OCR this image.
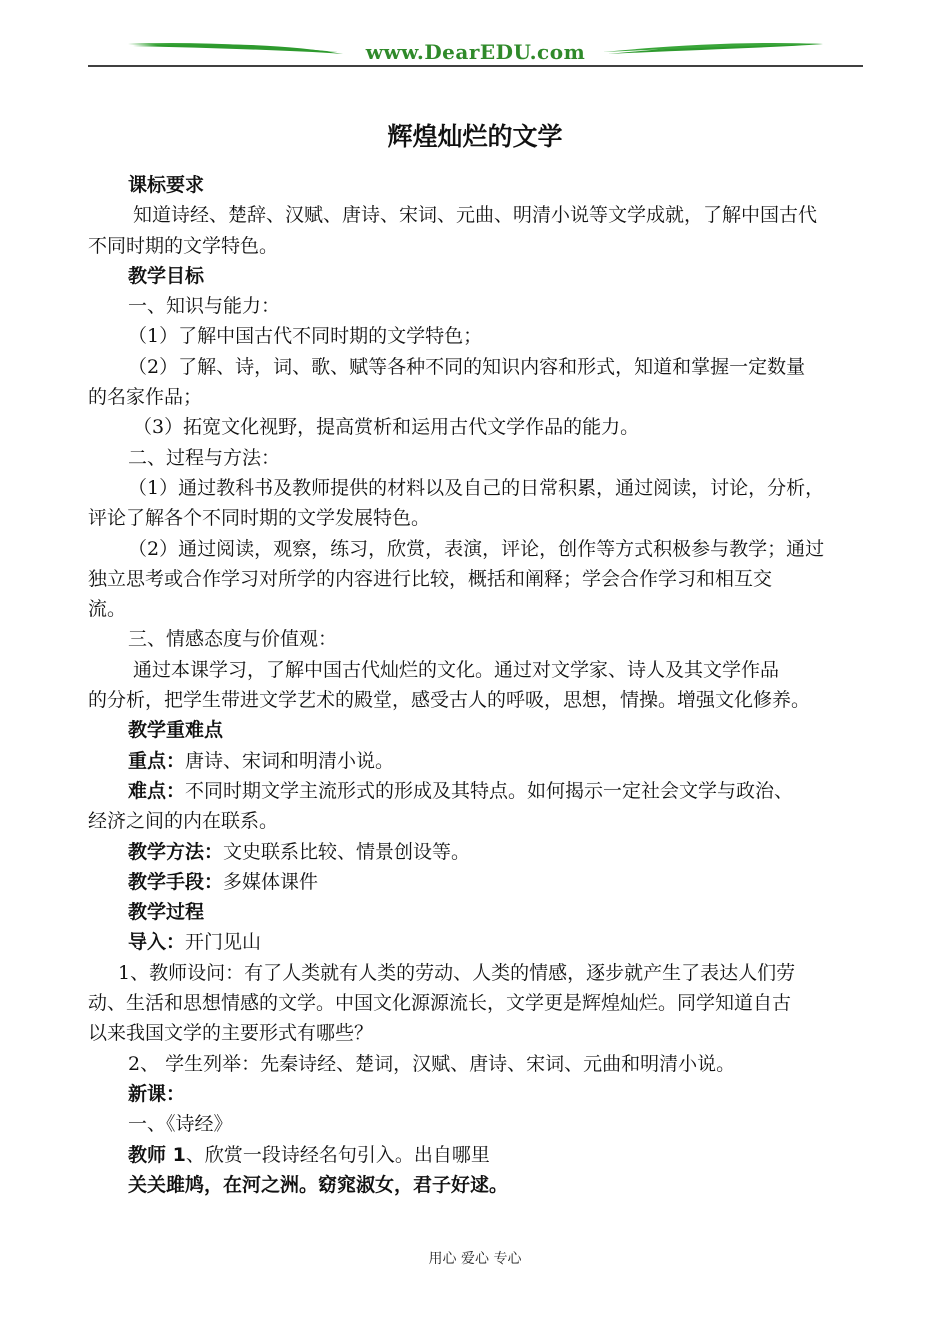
www.DearEDU.com
辉煌灿烂的文学
课标要求
知道诗经、楚辞、汉赋、唐诗、宋词、元曲、明清小说等文学成就，了解中国古代
不同时期的文学特色。
教学目标
一、知识与能力：
（1）了解中国古代不同时期的文学特色；
（2）了解、诗，词、歌、赋等各种不同的知识内容和形式，知道和掌握一定数量
的名家作品；
（3）拓宽文化视野，提高赏析和运用古代文学作品的能力。
二、过程与方法：
（1）通过教科书及教师提供的材料以及自己的日常积累，通过阅读，讨论，分析，
评论了解各个不同时期的文学发展特色。
（2）通过阅读，观察，练习，欣赏，表演，评论，创作等方式积极参与教学；通过
独立思考或合作学习对所学的内容进行比较，概括和阐释；学会合作学习和相互交
流。
三、情感态度与价值观：
通过本课学习，了解中国古代灿烂的文化。通过对文学家、诗人及其文学作品
的分析，把学生带进文学艺术的殿堂，感受古人的呼吸，思想，情操。增强文化修养。
教学重难点
重点：唐诗、宋词和明清小说。
难点：不同时期文学主流形式的形成及其特点。如何揭示一定社会文学与政治、
经济之间的内在联系。
教学方法：文史联系比较、情景创设等。
教学手段：多媒体课件
教学过程
导入：开门见山
1、教师设问：有了人类就有人类的劳动、人类的情感，逐步就产生了表达人们劳
动、生活和思想情感的文学。中国文化源源流长，文学更是辉煌灿烂。同学知道自古
以来我国文学的主要形式有哪些？
2、 学生列举：先秦诗经、楚词，汉赋、唐诗、宋词、元曲和明清小说。
新课：
一、《诗经》
教师 1、欣赏一段诗经名句引入。出自哪里
关关雎鸠，在河之洲。窈窕淑女，君子好逑。
用心 爱心 专心
